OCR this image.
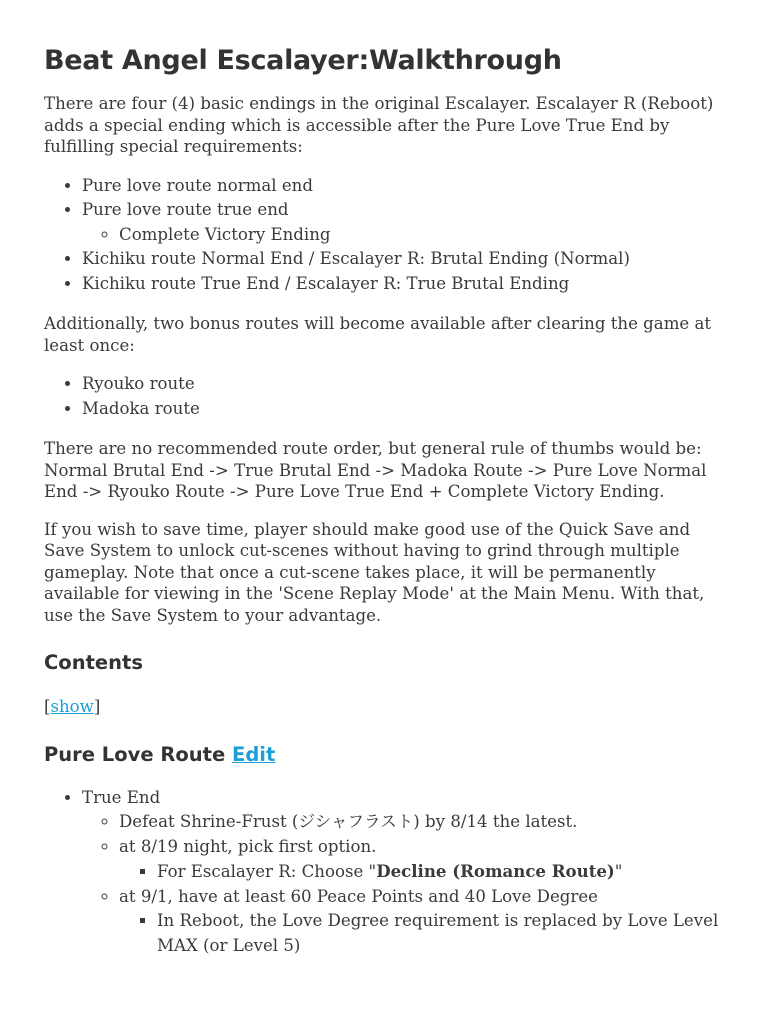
Beat Angel Escalayer:Walkthrough

There are four (4) basic endings in the original Escalayer. Escalayer R (Reboot) adds a special ending which is accessible after the Pure Love True End by fulfilling special requirements:

• Pure love route normal end
• Pure love route true end
◦ Complete Victory Ending
• Kichiku route Normal End / Escalayer R: Brutal Ending (Normal)
• Kichiku route True End / Escalayer R: True Brutal Ending

Additionally, two bonus routes will become available after clearing the game at least once:

• Ryouko route
• Madoka route

There are no recommended route order, but general rule of thumbs would be: Normal Brutal End -> True Brutal End -> Madoka Route -> Pure Love Normal End -> Ryouko Route -> Pure Love True End + Complete Victory Ending.

If you wish to save time, player should make good use of the Quick Save and Save System to unlock cut-scenes without having to grind through multiple gameplay. Note that once a cut-scene takes place, it will be permanently available for viewing in the 'Scene Replay Mode' at the Main Menu. With that, use the Save System to your advantage.

Contents

[show]

Pure Love Route Edit
• True End
◦ Defeat Shrine-Frust (ジシャフラスト) by 8/14 the latest.
◦ at 8/19 night, pick first option.
▪ For Escalayer R: Choose "Decline (Romance Route)"
◦ at 9/1, have at least 60 Peace Points and 40 Love Degree
▪ In Reboot, the Love Degree requirement is replaced by Love Level MAX (or Level 5)
